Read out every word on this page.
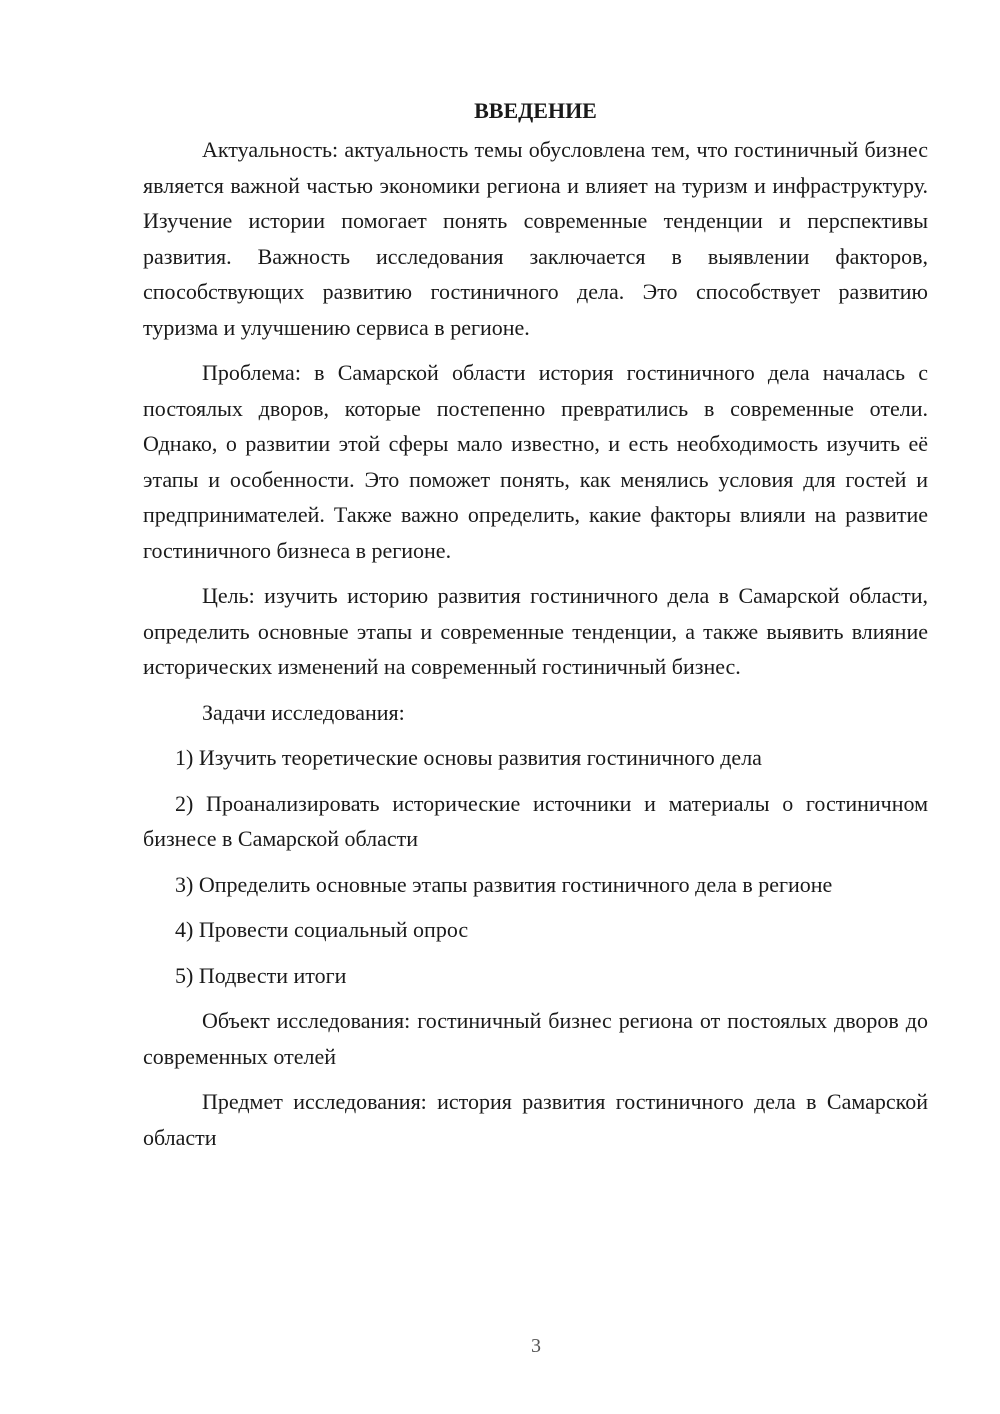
ВВЕДЕНИЕ

Актуальность: актуальность темы обусловлена тем, что гостиничный бизнес является важной частью экономики региона и влияет на туризм и инфраструктуру. Изучение истории помогает понять современные тенденции и перспективы развития. Важность исследования заключается в выявлении факторов, способствующих развитию гостиничного дела. Это способствует развитию туризма и улучшению сервиса в регионе.

Проблема: в Самарской области история гостиничного дела началась с постоялых дворов, которые постепенно превратились в современные отели. Однако, о развитии этой сферы мало известно, и есть необходимость изучить её этапы и особенности. Это поможет понять, как менялись условия для гостей и предпринимателей. Также важно определить, какие факторы влияли на развитие гостиничного бизнеса в регионе.

Цель: изучить историю развития гостиничного дела в Самарской области, определить основные этапы и современные тенденции, а также выявить влияние исторических изменений на современный гостиничный бизнес.

Задачи исследования:

1) Изучить теоретические основы развития гостиничного дела

2) Проанализировать исторические источники и материалы о гостиничном бизнесе в Самарской области

3) Определить основные этапы развития гостиничного дела в регионе

4) Провести социальный опрос

5) Подвести итоги

Объект исследования: гостиничный бизнес региона от постоялых дворов до современных отелей

Предмет исследования: история развития гостиничного дела в Самарской области

3
